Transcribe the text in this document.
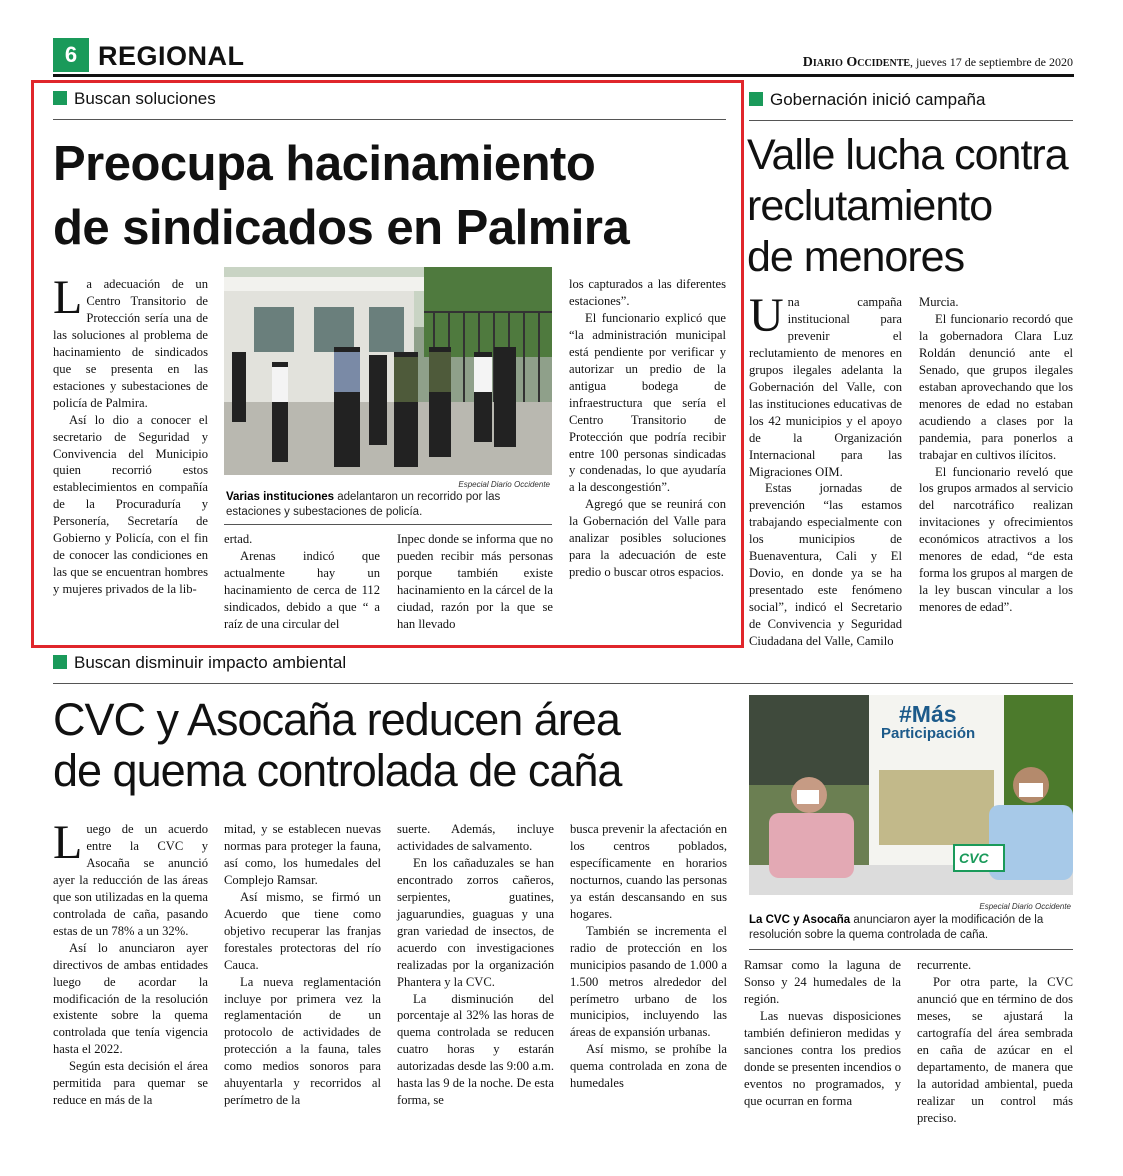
6 REGIONAL	Diario Occidente, jueves 17 de septiembre de 2020
Buscan soluciones
Preocupa hacinamiento
de sindicados en Palmira

La adecuación de un Centro Transitorio de Protección sería una de las soluciones al problema de hacinamiento de sindicados que se presenta en las estaciones y subestaciones de policía de Palmira.

Así lo dio a conocer el secretario de Seguridad y Convivencia del Municipio quien recorrió estos establecimientos en compañía de la Procuraduría y Personería, Secretaría de Gobierno y Policía, con el fin de conocer las condiciones en las que se encuentran hombres y mujeres privados de la lib-

Especial Diario Occidente
Varias instituciones adelantaron un recorrido por las estaciones y subestaciones de policía.

ertad.

Arenas indicó que actualmente hay un hacinamiento de cerca de 112 sindicados, debido a que “ a raíz de una circular del

Inpec donde se informa que no pueden recibir más personas porque también existe hacinamiento en la cárcel de la ciudad, razón por la que se han llevado

los capturados a las diferentes estaciones”.

El funcionario explicó que “la administración municipal está pendiente por verificar y autorizar un predio de la antigua bodega de infraestructura que sería el Centro Transitorio de Protección que podría recibir entre 100 personas sindicadas y condenadas, lo que ayudaría a la descongestión”.

Agregó que se reunirá con la Gobernación del Valle para analizar posibles soluciones para la adecuación de este predio o buscar otros espacios.

Gobernación inició campaña
Valle lucha contra
reclutamiento
de menores

Una campaña institucional para prevenir el reclutamiento de menores en grupos ilegales adelanta la Gobernación del Valle, con las instituciones educativas de los 42 municipios y el apoyo de la Organización Internacional para las Migraciones OIM.

Estas jornadas de prevención “las estamos trabajando especialmente con los municipios de Buenaventura, Cali y El Dovio, en donde ya se ha presentado este fenómeno social”, indicó el Secretario de Convivencia y Seguridad Ciudadana del Valle, Camilo

Murcia.

El funcionario recordó que la gobernadora Clara Luz Roldán denunció ante el Senado, que grupos ilegales estaban aprovechando que los menores de edad no estaban acudiendo a clases por la pandemia, para ponerlos a trabajar en cultivos ilícitos.

El funcionario reveló que los grupos armados al servicio del narcotráfico realizan invitaciones y ofrecimientos económicos atractivos a los menores de edad, “de esta forma los grupos al margen de la ley buscan vincular a los menores de edad”.

Buscan disminuir impacto ambiental
CVC y Asocaña reducen área
de quema controlada de caña
#Más
Participación
CVC
Especial Diario Occidente
La CVC y Asocaña anunciaron ayer la modificación de la resolución sobre la quema controlada de caña.

Luego de un acuerdo entre la CVC y Asocaña se anunció ayer la reducción de las áreas que son utilizadas en la quema controlada de caña, pasando estas de un 78% a un 32%.

Así lo anunciaron ayer directivos de ambas entidades luego de acordar la modificación de la resolución existente sobre la quema controlada que tenía vigencia hasta el 2022.

Según esta decisión el área permitida para quemar se reduce en más de la

mitad, y se establecen nuevas normas para proteger la fauna, así como, los humedales del Complejo Ramsar.

Así mismo, se firmó un Acuerdo que tiene como objetivo recuperar las franjas forestales protectoras del río Cauca.

La nueva reglamentación incluye por primera vez la reglamentación de un protocolo de actividades de protección a la fauna, tales como medios sonoros para ahuyentarla y recorridos al perímetro de la

suerte. Además, incluye actividades de salvamento.

En los cañaduzales se han encontrado zorros cañeros, serpientes, guatines, jaguarundies, guaguas y una gran variedad de insectos, de acuerdo con investigaciones realizadas por la organización Phantera y la CVC.

La disminución del porcentaje al 32% las horas de quema controlada se reducen cuatro horas y estarán autorizadas desde las 9:00 a.m. hasta las 9 de la noche. De esta forma, se

busca prevenir la afectación en los centros poblados, específicamente en horarios nocturnos, cuando las personas ya están descansando en sus hogares.

También se incrementa el radio de protección en los municipios pasando de 1.000 a 1.500 metros alrededor del perímetro urbano de los municipios, incluyendo las áreas de expansión urbanas.

Así mismo, se prohíbe la quema controlada en zona de humedales

Ramsar como la laguna de Sonso y 24 humedales de la región.

Las nuevas disposiciones también definieron medidas y sanciones contra los predios donde se presenten incendios o eventos no programados, y que ocurran en forma

recurrente.

Por otra parte, la CVC anunció que en término de dos meses, se ajustará la cartografía del área sembrada en caña de azúcar en el departamento, de manera que la autoridad ambiental, pueda realizar un control más preciso.
